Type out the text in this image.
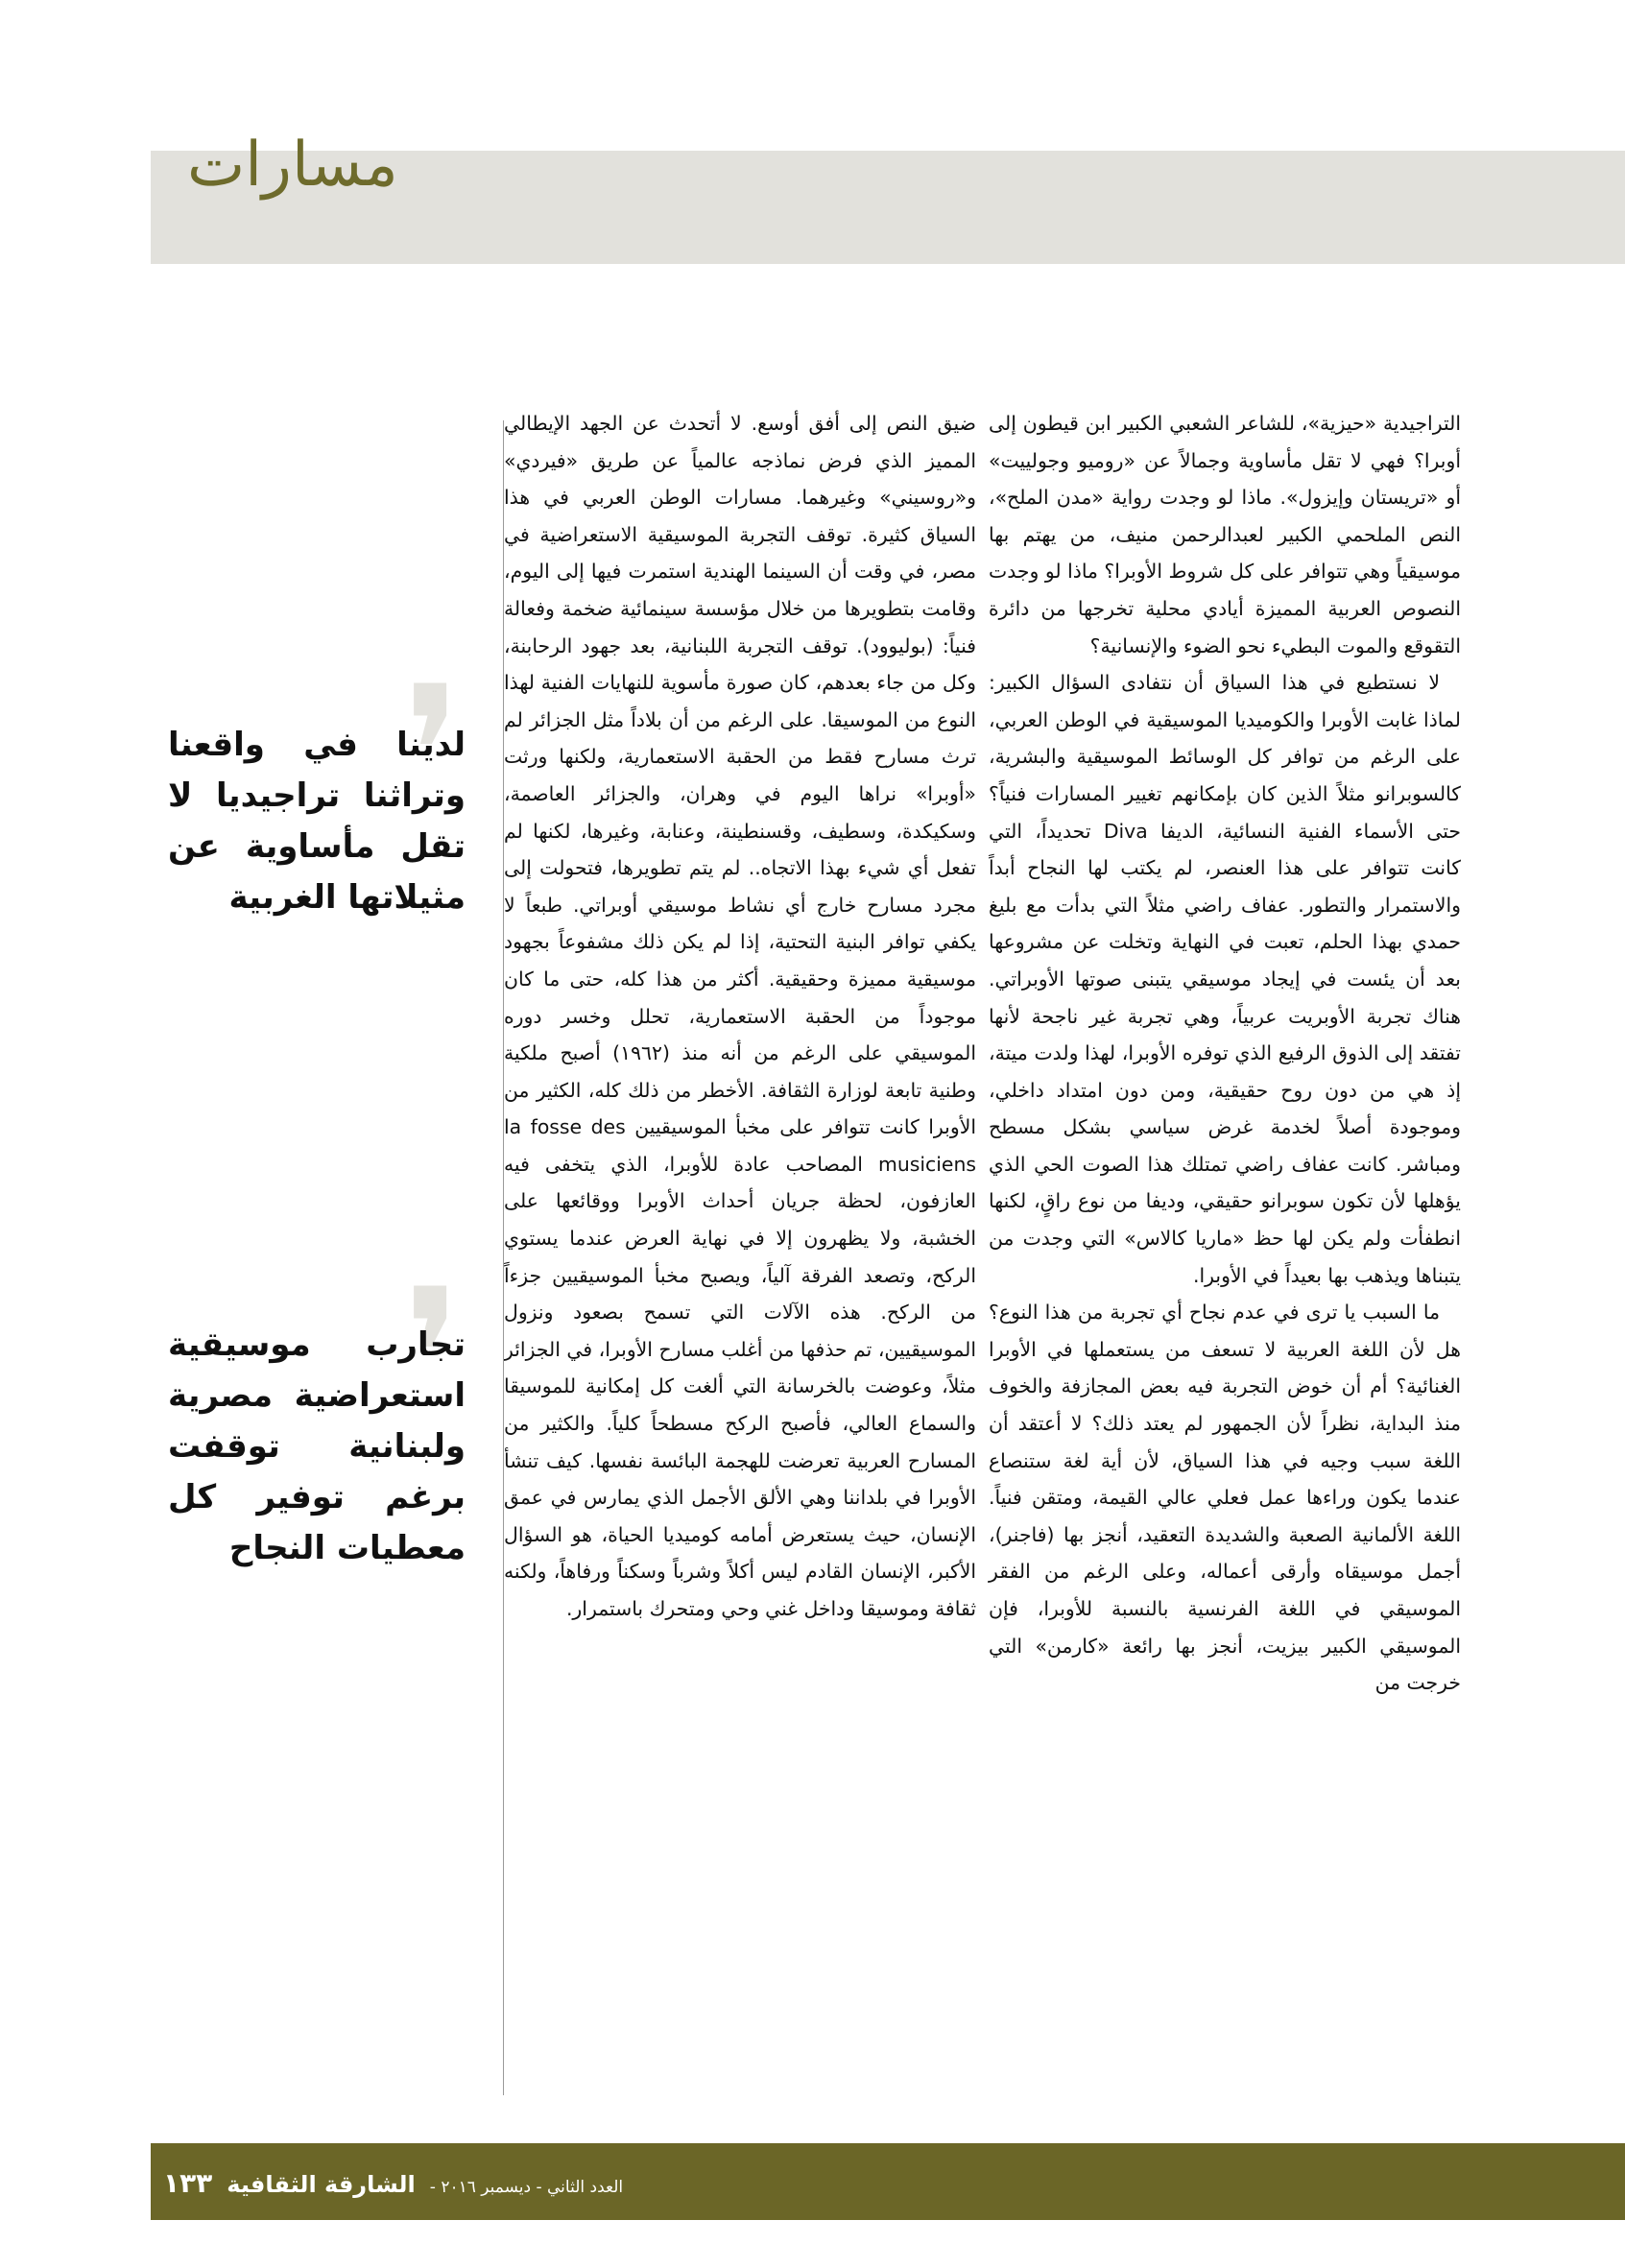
مسارات

التراجيدية «حيزية»، للشاعر الشعبي الكبير ابن قيطون إلى أوبرا؟ فهي لا تقل مأساوية وجمالاً عن «روميو وجولييت» أو «تريستان وإيزول». ماذا لو وجدت رواية «مدن الملح»، النص الملحمي الكبير لعبدالرحمن منيف، من يهتم بها موسيقياً وهي تتوافر على كل شروط الأوبرا؟ ماذا لو وجدت النصوص العربية المميزة أيادي محلية تخرجها من دائرة التقوقع والموت البطيء نحو الضوء والإنسانية؟

لا نستطيع في هذا السياق أن نتفادى السؤال الكبير: لماذا غابت الأوبرا والكوميديا الموسيقية في الوطن العربي، على الرغم من توافر كل الوسائط الموسيقية والبشرية، كالسوبرانو مثلاً الذين كان بإمكانهم تغيير المسارات فنياً؟ حتى الأسماء الفنية النسائية، الديفا Diva تحديداً، التي كانت تتوافر على هذا العنصر، لم يكتب لها النجاح أبداً والاستمرار والتطور. عفاف راضي مثلاً التي بدأت مع بليغ حمدي بهذا الحلم، تعبت في النهاية وتخلت عن مشروعها بعد أن يئست في إيجاد موسيقي يتبنى صوتها الأوبراتي. هناك تجربة الأوبريت عربياً، وهي تجربة غير ناجحة لأنها تفتقد إلى الذوق الرفيع الذي توفره الأوبرا، لهذا ولدت ميتة، إذ هي من دون روح حقيقية، ومن دون امتداد داخلي، وموجودة أصلاً لخدمة غرض سياسي بشكل مسطح ومباشر. كانت عفاف راضي تمتلك هذا الصوت الحي الذي يؤهلها لأن تكون سوبرانو حقيقي، وديفا من نوع راقٍ، لكنها انطفأت ولم يكن لها حظ «ماريا كالاس» التي وجدت من يتبناها ويذهب بها بعيداً في الأوبرا.

ما السبب يا ترى في عدم نجاح أي تجربة من هذا النوع؟ هل لأن اللغة العربية لا تسعف من يستعملها في الأوبرا الغنائية؟ أم أن خوض التجربة فيه بعض المجازفة والخوف منذ البداية، نظراً لأن الجمهور لم يعتد ذلك؟ لا أعتقد أن اللغة سبب وجيه في هذا السياق، لأن أية لغة ستنصاع عندما يكون وراءها عمل فعلي عالي القيمة، ومتقن فنياً. اللغة الألمانية الصعبة والشديدة التعقيد، أنجز بها (فاجنر)، أجمل موسيقاه وأرقى أعماله، وعلى الرغم من الفقر الموسيقي في اللغة الفرنسية بالنسبة للأوبرا، فإن الموسيقي الكبير بيزيت، أنجز بها رائعة «كارمن» التي خرجت من

ضيق النص إلى أفق أوسع. لا أتحدث عن الجهد الإيطالي المميز الذي فرض نماذجه عالمياً عن طريق «فيردي» و«روسيني» وغيرهما. مسارات الوطن العربي في هذا السياق كثيرة. توقف التجربة الموسيقية الاستعراضية في مصر، في وقت أن السينما الهندية استمرت فيها إلى اليوم، وقامت بتطويرها من خلال مؤسسة سينمائية ضخمة وفعالة فنياً: (بوليوود). توقف التجربة اللبنانية، بعد جهود الرحابنة، وكل من جاء بعدهم، كان صورة مأسوية للنهايات الفنية لهذا النوع من الموسيقا. على الرغم من أن بلاداً مثل الجزائر لم ترث مسارح فقط من الحقبة الاستعمارية، ولكنها ورثت «أوبرا» نراها اليوم في وهران، والجزائر العاصمة، وسكيكدة، وسطيف، وقسنطينة، وعنابة، وغيرها، لكنها لم تفعل أي شيء بهذا الاتجاه.. لم يتم تطويرها، فتحولت إلى مجرد مسارح خارج أي نشاط موسيقي أوبراتي. طبعاً لا يكفي توافر البنية التحتية، إذا لم يكن ذلك مشفوعاً بجهود موسيقية مميزة وحقيقية. أكثر من هذا كله، حتى ما كان موجوداً من الحقبة الاستعمارية، تحلل وخسر دوره الموسيقي على الرغم من أنه منذ (١٩٦٢) أصبح ملكية وطنية تابعة لوزارة الثقافة. الأخطر من ذلك كله، الكثير من الأوبرا كانت تتوافر على مخبأ الموسيقيين la fosse des musiciens المصاحب عادة للأوبرا، الذي يتخفى فيه العازفون، لحظة جريان أحداث الأوبرا ووقائعها على الخشبة، ولا يظهرون إلا في نهاية العرض عندما يستوي الركح، وتصعد الفرقة آلياً، ويصبح مخبأ الموسيقيين جزءاً من الركح. هذه الآلات التي تسمح بصعود ونزول الموسيقيين، تم حذفها من أغلب مسارح الأوبرا، في الجزائر مثلاً، وعوضت بالخرسانة التي ألغت كل إمكانية للموسيقا والسماع العالي، فأصبح الركح مسطحاً كلياً. والكثير من المسارح العربية تعرضت للهجمة البائسة نفسها. كيف تنشأ الأوبرا في بلداننا وهي الألق الأجمل الذي يمارس في عمق الإنسان، حيث يستعرض أمامه كوميديا الحياة، هو السؤال الأكبر، الإنسان القادم ليس أكلاً وشرباً وسكناً ورفاهاً، ولكنه ثقافة وموسيقا وداخل غني وحي ومتحرك باستمرار.

❜
لدينا في واقعنا وتراثنا تراجيديا لا تقل مأساوية عن مثيلاتها الغربية
❜
تجارب موسيقية استعراضية مصرية ولبنانية توقفت برغم توفير كل معطيات النجاح
العدد الثاني - ديسمبر ٢٠١٦ - الشارقة الثقافية ١٣٣
